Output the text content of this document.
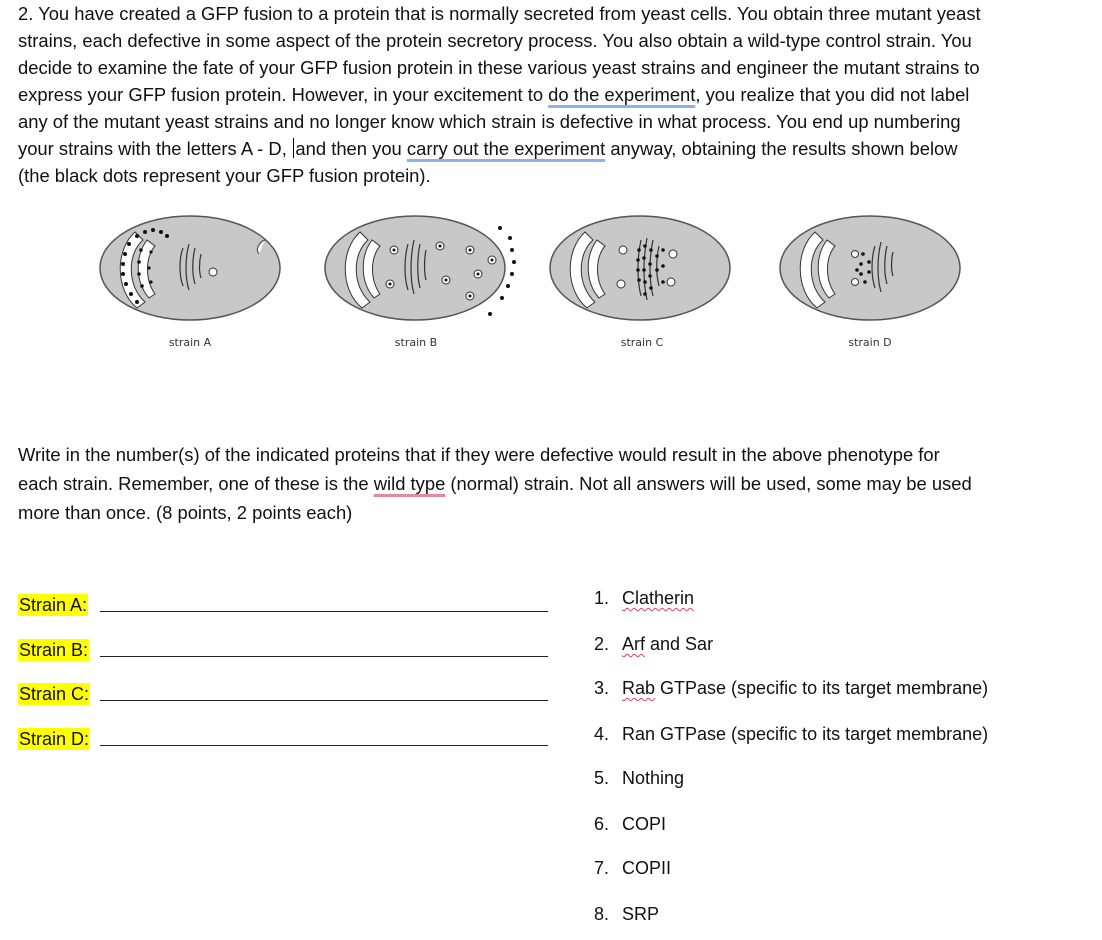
2. You have created a GFP fusion to a protein that is normally secreted from yeast cells. You obtain three mutant yeast
strains, each defective in some aspect of the protein secretory process. You also obtain a wild-type control strain. You
decide to examine the fate of your GFP fusion protein in these various yeast strains and engineer the mutant strains to
express your GFP fusion protein. However, in your excitement to do the experiment, you realize that you did not label
any of the mutant yeast strains and no longer know which strain is defective in what process. You end up numbering
your strains with the letters A - D, and then you carry out the experiment anyway, obtaining the results shown below
(the black dots represent your GFP fusion protein).
strain A	strain B	strain C	strain D
Write in the number(s) of the indicated proteins that if they were defective would result in the above phenotype for
each strain. Remember, one of these is the wild type (normal) strain. Not all answers will be used, some may be used
more than once. (8 points, 2 points each)
Strain A:
Strain B:
Strain C:
Strain D:
1. Clatherin
2. Arf and Sar
3. Rab GTPase (specific to its target membrane)
4. Ran GTPase (specific to its target membrane)
5. Nothing
6. COPI
7. COPII
8. SRP
